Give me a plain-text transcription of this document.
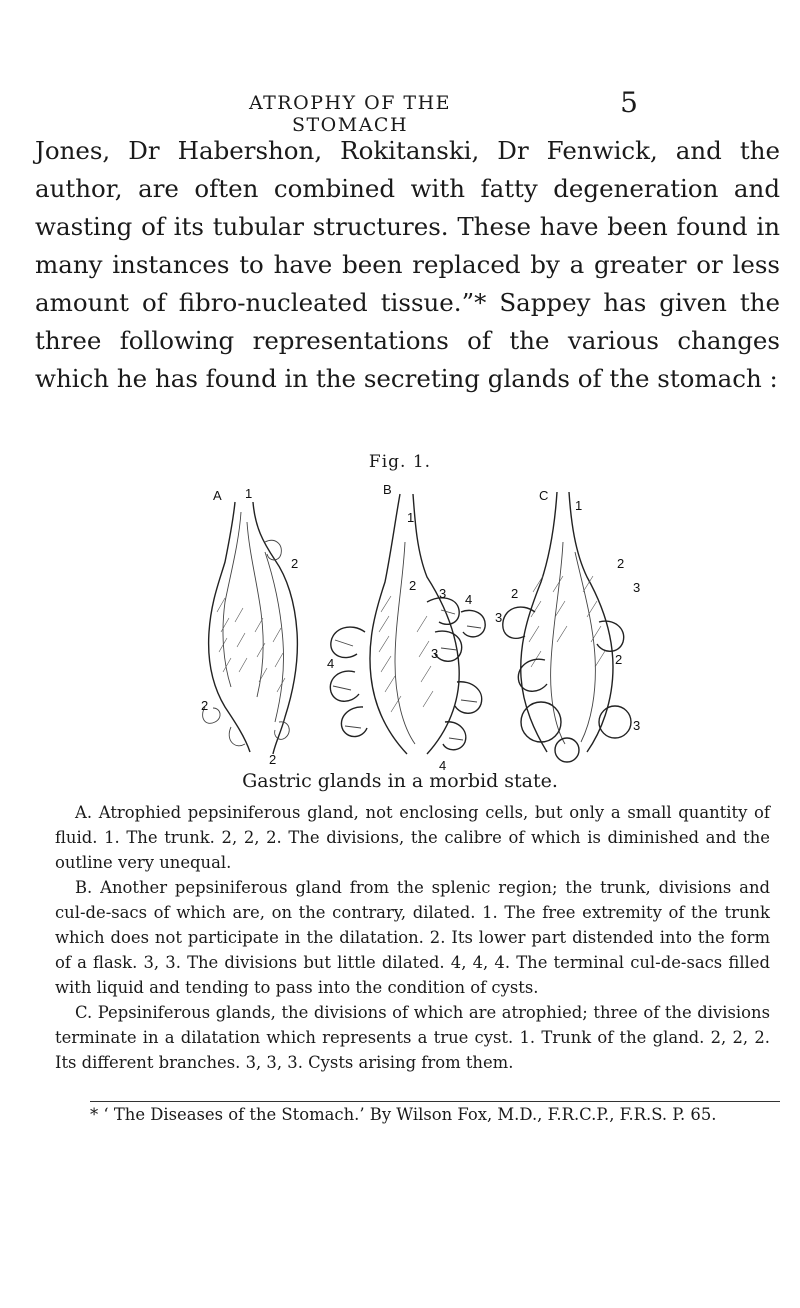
ATROPHY OF THE STOMACH
5

Jones, Dr Habershon, Rokitanski, Dr Fenwick, and the author, are oftеn combined with fatty degeneration and wasting of its tubular structures. These have been found in many instances to have been replaced by a greater or less amount of fibro-nucleated tissue.”* Sappey has given the three following representations of the various changes which he has found in the secreting glands of the stomach :

Fig. 1.
A 1
2
2
2
B
1
2
3
3
4
4
4
C
1
2
2
2
3
3
3
Gastric glands in a morbid state.

A. Atrophied pepsiniferous gland, not enclosing cells, but only a small quantity of fluid. 1. The trunk. 2, 2, 2. The divisions, the calibre of which is diminished and the outline very unequal.

B. Another pepsiniferous gland from the splenic region; the trunk, divisions and cul-de-sacs of which are, on the contrary, dilated. 1. The free extremity of the trunk which does not participate in the dilatation. 2. Its lower part distended into the form of a flask. 3, 3. The divisions but little dilated. 4, 4, 4. The terminal cul-de-sacs filled with liquid and tending to pass into the condition of cysts.

C. Pepsiniferous glands, the divisions of which are atrophied; three of the divisions terminate in a dilatation which represents a true cyst. 1. Trunk of the gland. 2, 2, 2. Its different branches. 3, 3, 3. Cysts arising from them.

* ‘ The Diseases of the Stomach.’ By Wilson Fox, M.D., F.R.C.P., F.R.S. P. 65.
